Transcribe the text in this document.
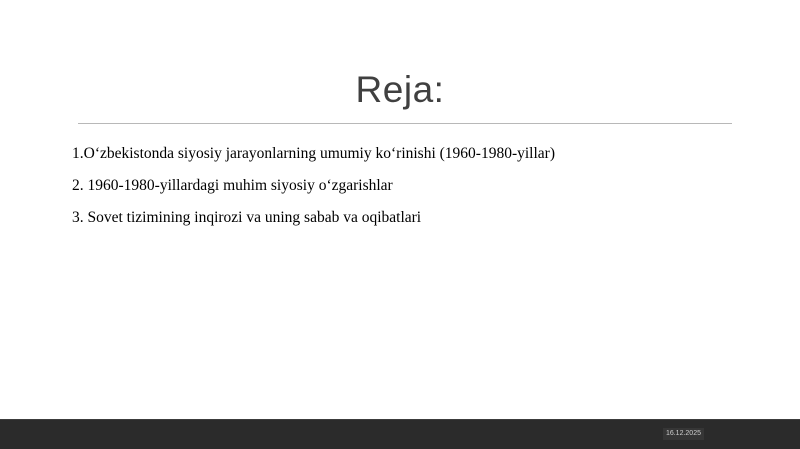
Reja:
1.O‘zbekistonda siyosiy jarayonlarning umumiy ko‘rinishi (1960-1980-yillar)
2. 1960-1980-yillardagi muhim siyosiy o‘zgarishlar
3. Sovet tizimining inqirozi va uning sabab va oqibatlari
16.12.2025
